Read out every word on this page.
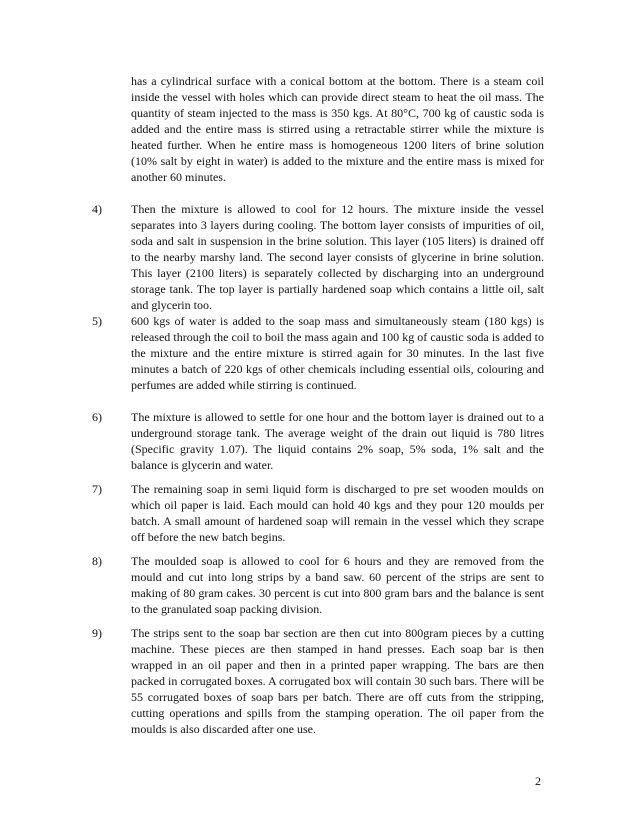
has a cylindrical surface with a conical bottom at the bottom. There is a steam coil inside the vessel with holes which can provide direct steam to heat the oil mass. The quantity of steam injected to the mass is 350 kgs. At 80°C, 700 kg of caustic soda is added and the entire mass is stirred using a retractable stirrer while the mixture is heated further. When he entire mass is homogeneous 1200 liters of brine solution (10% salt by eight in water) is added to the mixture and the entire mass is mixed for another 60 minutes.
4)	Then the mixture is allowed to cool for 12 hours. The mixture inside the vessel separates into 3 layers during cooling. The bottom layer consists of impurities of oil, soda and salt in suspension in the brine solution. This layer (105 liters) is drained off to the nearby marshy land. The second layer consists of glycerine in brine solution. This layer (2100 liters) is separately collected by discharging into an underground storage tank. The top layer is partially hardened soap which contains a little oil, salt and glycerin too.
5)	600 kgs of water is added to the soap mass and simultaneously steam (180 kgs) is released through the coil to boil the mass again and 100 kg of caustic soda is added to the mixture and the entire mixture is stirred again for 30 minutes. In the last five minutes a batch of 220 kgs of other chemicals including essential oils, colouring and perfumes are added while stirring is continued.
6)	The mixture is allowed to settle for one hour and the bottom layer is drained out to a underground storage tank. The average weight of the drain out liquid is 780 litres (Specific gravity 1.07). The liquid contains 2% soap, 5% soda, 1% salt and the balance is glycerin and water.
7)	The remaining soap in semi liquid form is discharged to pre set wooden moulds on which oil paper is laid. Each mould can hold 40 kgs and they pour 120 moulds per batch. A small amount of hardened soap will remain in the vessel which they scrape off before the new batch begins.
8)	The moulded soap is allowed to cool for 6 hours and they are removed from the mould and cut into long strips by a band saw. 60 percent of the strips are sent to making of 80 gram cakes. 30 percent is cut into 800 gram bars and the balance is sent to the granulated soap packing division.
9)	The strips sent to the soap bar section are then cut into 800gram pieces by a cutting machine. These pieces are then stamped in hand presses. Each soap bar is then wrapped in an oil paper and then in a printed paper wrapping. The bars are then packed in corrugated boxes. A corrugated box will contain 30 such bars. There will be 55 corrugated boxes of soap bars per batch. There are off cuts from the stripping, cutting operations and spills from the stamping operation. The oil paper from the moulds is also discarded after one use.
2
